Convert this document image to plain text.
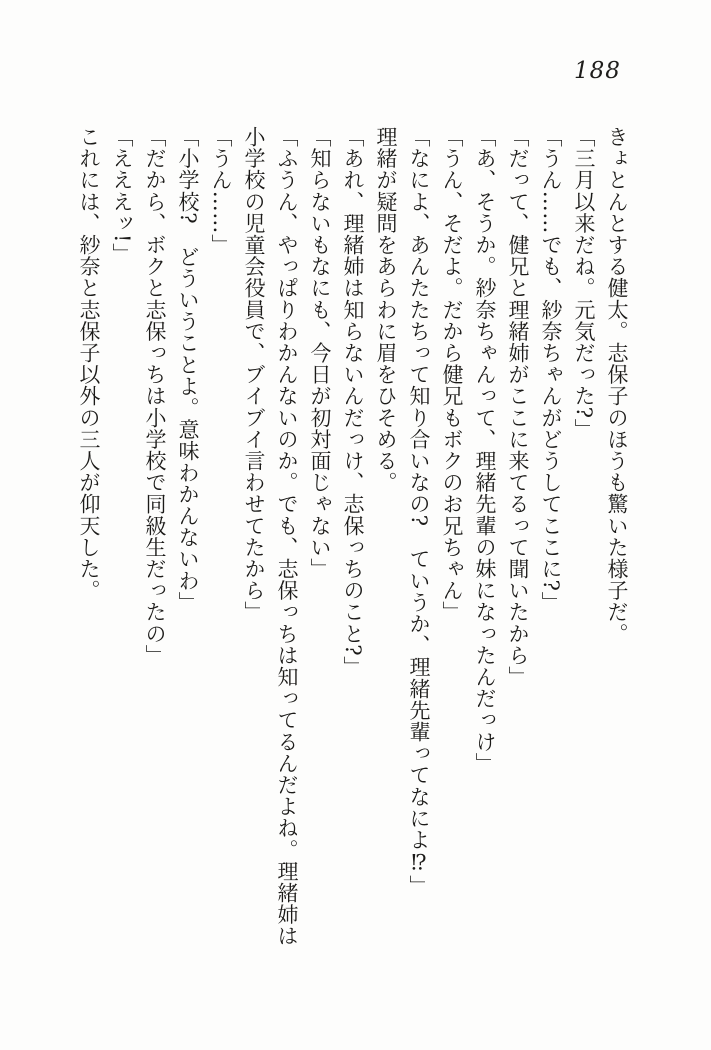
188

きょとんとする健太。志保子のほうも驚いた様子だ。

「三月以来だね。元気だった?」

「うん……でも、紗奈ちゃんがどうしてここに?」

「だって、健兄と理緒姉がここに来てるって聞いたから」

「あ、そうか。紗奈ちゃんって、理緒先輩の妹になったんだっけ」

「うん、そだよ。だから健兄もボクのお兄ちゃん」

「なによ、あんたたちって知り合いなの?　ていうか、理緒先輩ってなによ⁉」

理緒が疑問をあらわに眉をひそめる。

「あれ、理緒姉は知らないんだっけ、志保っちのこと?」

「知らないもなにも、今日が初対面じゃない」

「ふうん、やっぱりわかんないのか。でも、志保っちは知ってるんだよね。理緒姉は小学校の児童会役員で、ブイブイ言わせてたから」

「うん……」

「小学校?　どういうことよ。意味わかんないわ」

「だから、ボクと志保っちは小学校で同級生だったの」

「えええッ!」

これには、紗奈と志保子以外の三人が仰天した。
